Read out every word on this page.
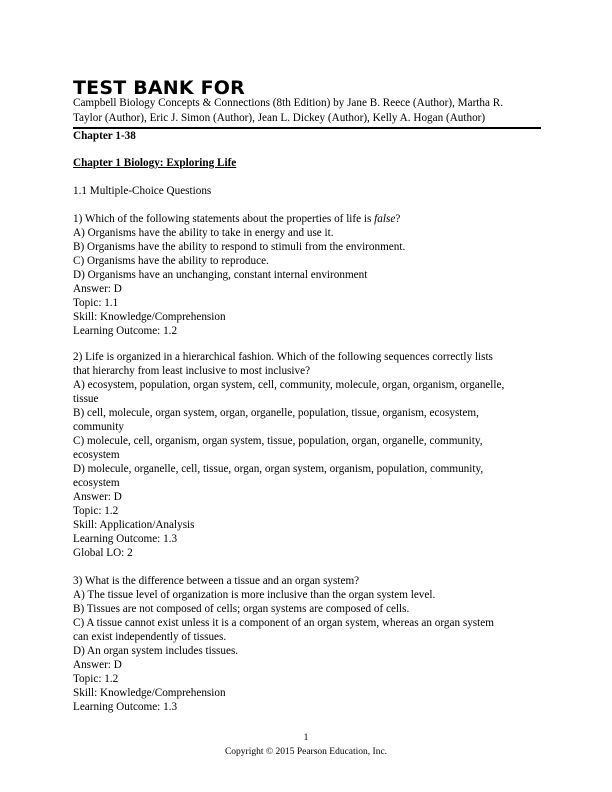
TEST BANK FOR
Campbell Biology Concepts & Connections (8th Edition) by Jane B. Reece (Author), Martha R.
Taylor (Author), Eric J. Simon (Author), Jean L. Dickey (Author), Kelly A. Hogan (Author)
Chapter 1-38
Chapter 1 Biology: Exploring Life
1.1 Multiple-Choice Questions
1) Which of the following statements about the properties of life is false?
A) Organisms have the ability to take in energy and use it.
B) Organisms have the ability to respond to stimuli from the environment.
C) Organisms have the ability to reproduce.
D) Organisms have an unchanging, constant internal environment
Answer: D
Topic: 1.1
Skill: Knowledge/Comprehension
Learning Outcome: 1.2
2) Life is organized in a hierarchical fashion. Which of the following sequences correctly lists
that hierarchy from least inclusive to most inclusive?
A) ecosystem, population, organ system, cell, community, molecule, organ, organism, organelle,
tissue
B) cell, molecule, organ system, organ, organelle, population, tissue, organism, ecosystem,
community
C) molecule, cell, organism, organ system, tissue, population, organ, organelle, community,
ecosystem
D) molecule, organelle, cell, tissue, organ, organ system, organism, population, community,
ecosystem
Answer: D
Topic: 1.2
Skill: Application/Analysis
Learning Outcome: 1.3
Global LO: 2
3) What is the difference between a tissue and an organ system?
A) The tissue level of organization is more inclusive than the organ system level.
B) Tissues are not composed of cells; organ systems are composed of cells.
C) A tissue cannot exist unless it is a component of an organ system, whereas an organ system
can exist independently of tissues.
D) An organ system includes tissues.
Answer: D
Topic: 1.2
Skill: Knowledge/Comprehension
Learning Outcome: 1.3
1
Copyright © 2015 Pearson Education, Inc.
